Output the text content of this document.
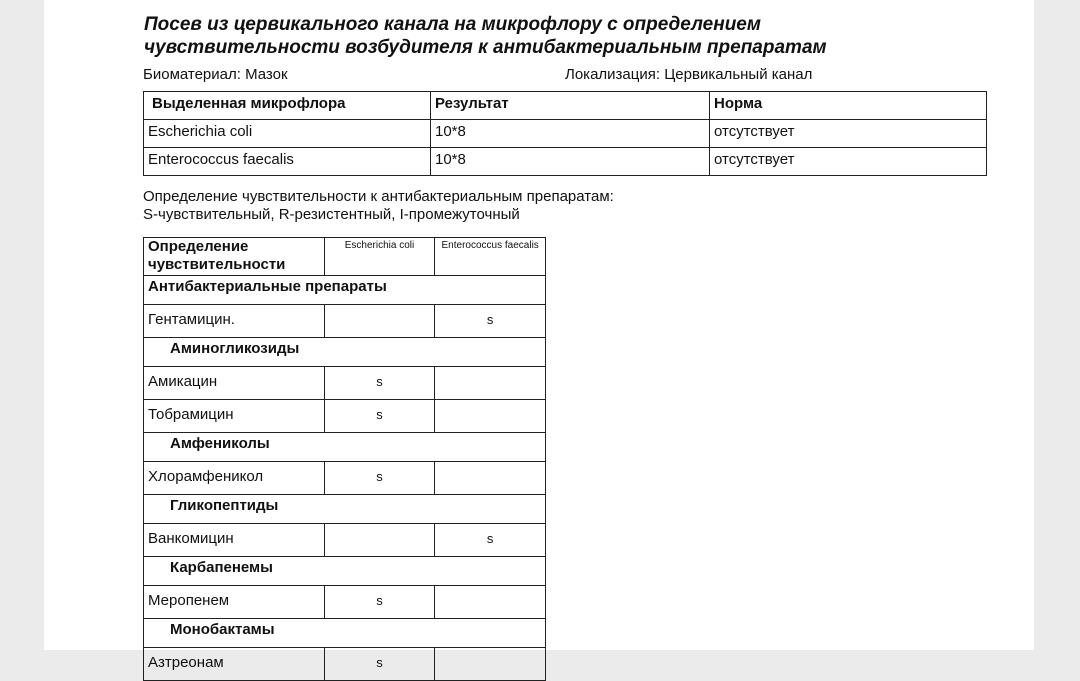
Посев из цервикального канала на микрофлору с определением
чувствительности возбудителя к антибактериальным препаратам
Биоматериал: Мазок	Локализация: Цервикальный канал
Выделенная микрофлора	Результат	Норма
Escherichia coli	10*8	отсутствует
Enterococcus faecalis	10*8	отсутствует
Определение чувствительности к антибактериальным препаратам:
S-чувствительный, R-резистентный, I-промежуточный
Определение чувствительности	Escherichia coli	Enterococcus faecalis
Антибактериальные препараты		
Гентамицин.		s
Аминогликозиды		
Амикацин	s	
Тобрамицин	s	
Амфениколы		
Хлорамфеникол	s	
Гликопептиды		
Ванкомицин		s
Карбапенемы		
Меропенем	s	
Монобактамы		
Азтреонам	s	
